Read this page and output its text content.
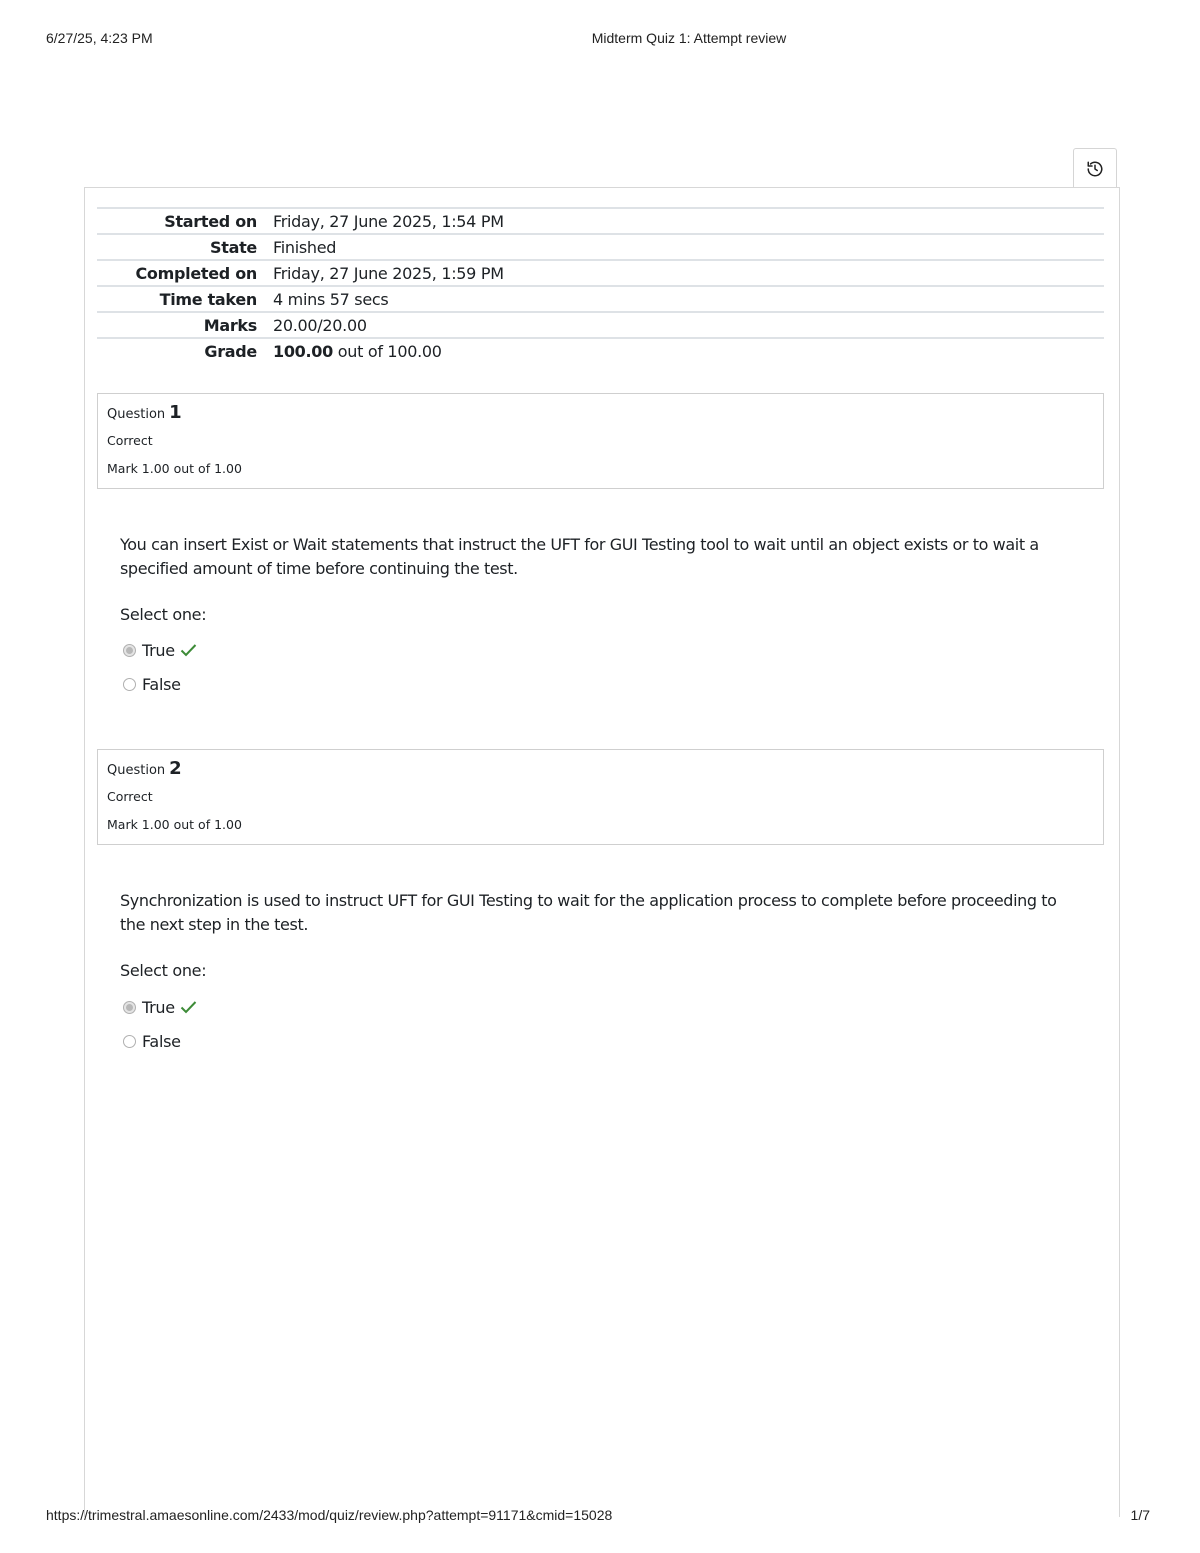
6/27/25, 4:23 PM	Midterm Quiz 1: Attempt review
Started on	Friday, 27 June 2025, 1:54 PM
State	Finished
Completed on	Friday, 27 June 2025, 1:59 PM
Time taken	4 mins 57 secs
Marks	20.00/20.00
Grade	100.00 out of 100.00
Question 1
Correct
Mark 1.00 out of 1.00
You can insert Exist or Wait statements that instruct the UFT for GUI Testing tool to wait until an object exists or to wait a specified amount of time before continuing the test.
Select one:
True
False
Question 2
Correct
Mark 1.00 out of 1.00
Synchronization is used to instruct UFT for GUI Testing to wait for the application process to complete before proceeding to the next step in the test.
Select one:
True
False
https://trimestral.amaesonline.com/2433/mod/quiz/review.php?attempt=91171&cmid=15028	1/7
